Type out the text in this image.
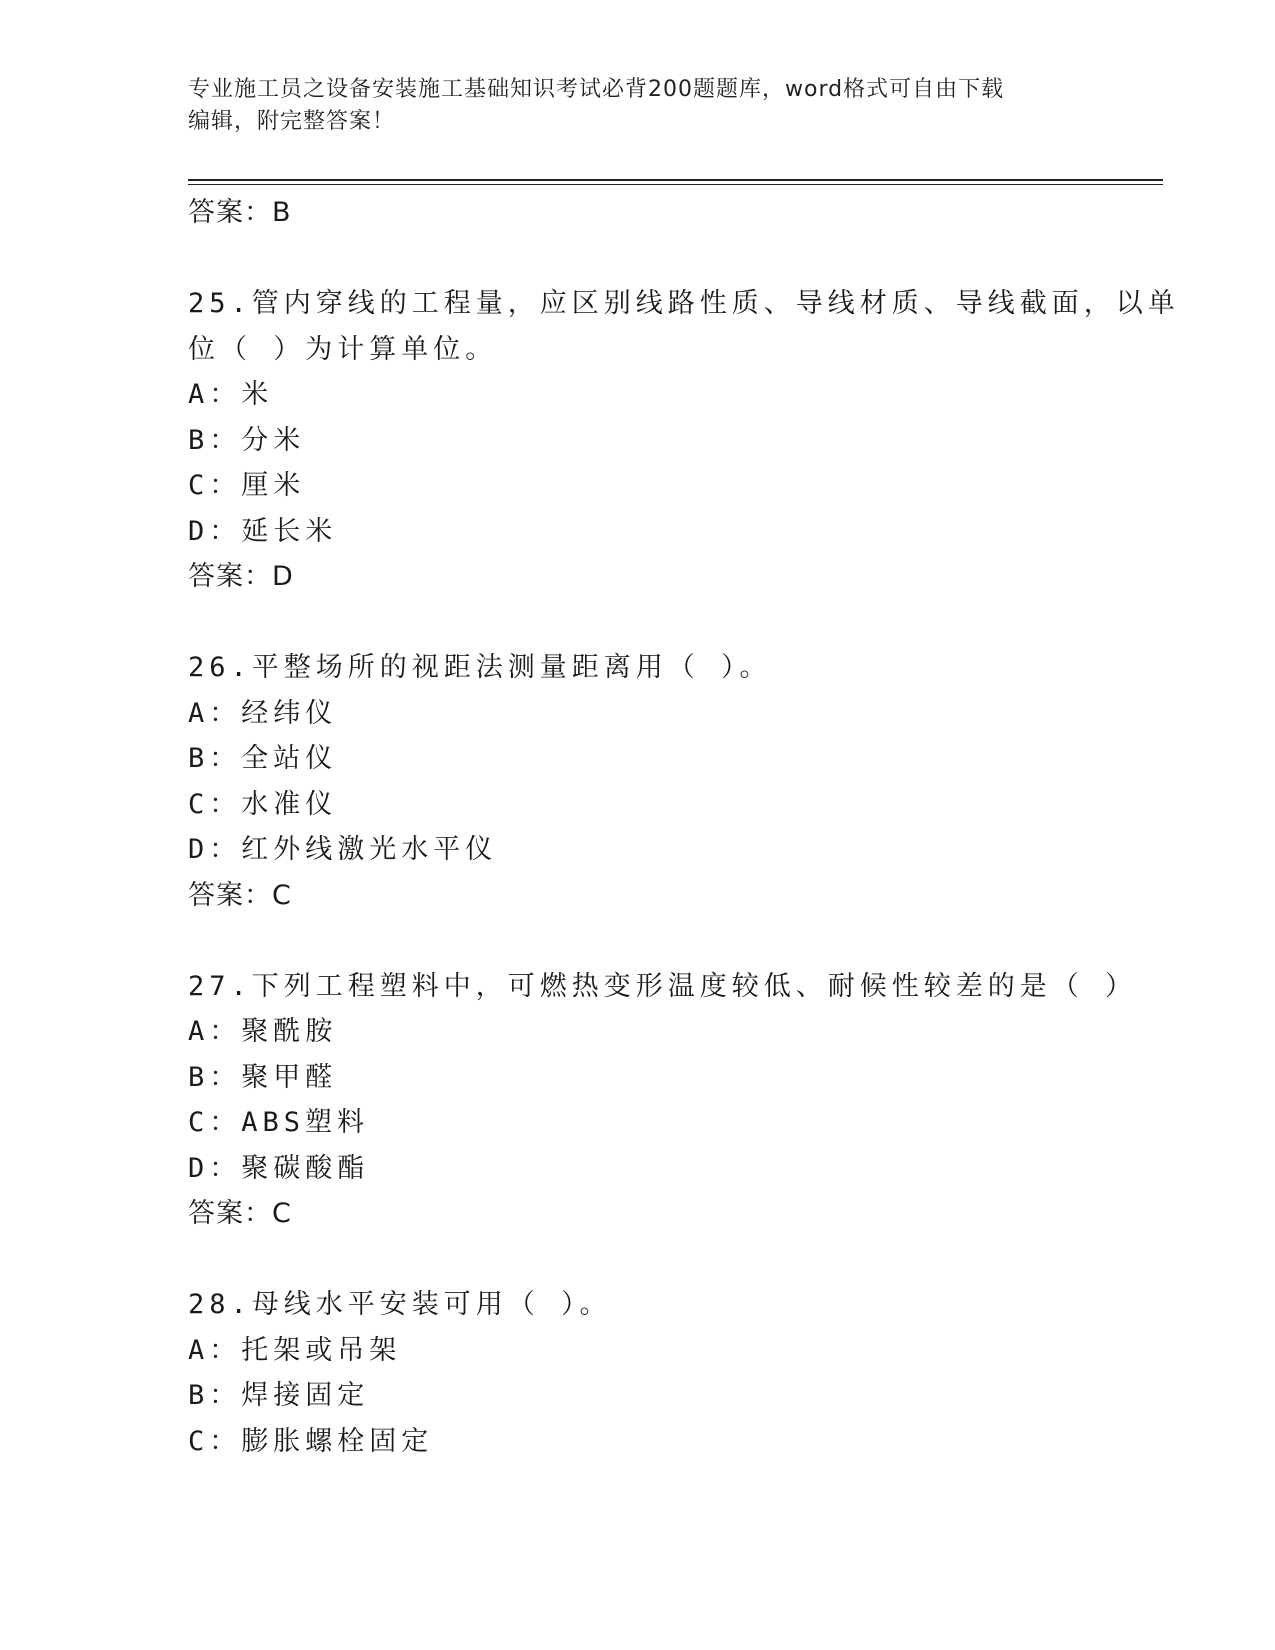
专业施工员之设备安装施工基础知识考试必背200题题库，word格式可自由下载
编辑，附完整答案！
答案：B
25.管内穿线的工程量，应区别线路性质、导线材质、导线截面，以单
位（ ）为计算单位。
A：米
B：分米
C：厘米
D：延长米
答案：D
26.平整场所的视距法测量距离用（ ）。
A：经纬仪
B：全站仪
C：水准仪
D：红外线激光水平仪
答案：C
27.下列工程塑料中，可燃热变形温度较低、耐候性较差的是（ ）
A：聚酰胺
B：聚甲醛
C：ABS塑料
D：聚碳酸酯
答案：C
28.母线水平安装可用（ ）。
A：托架或吊架
B：焊接固定
C：膨胀螺栓固定
